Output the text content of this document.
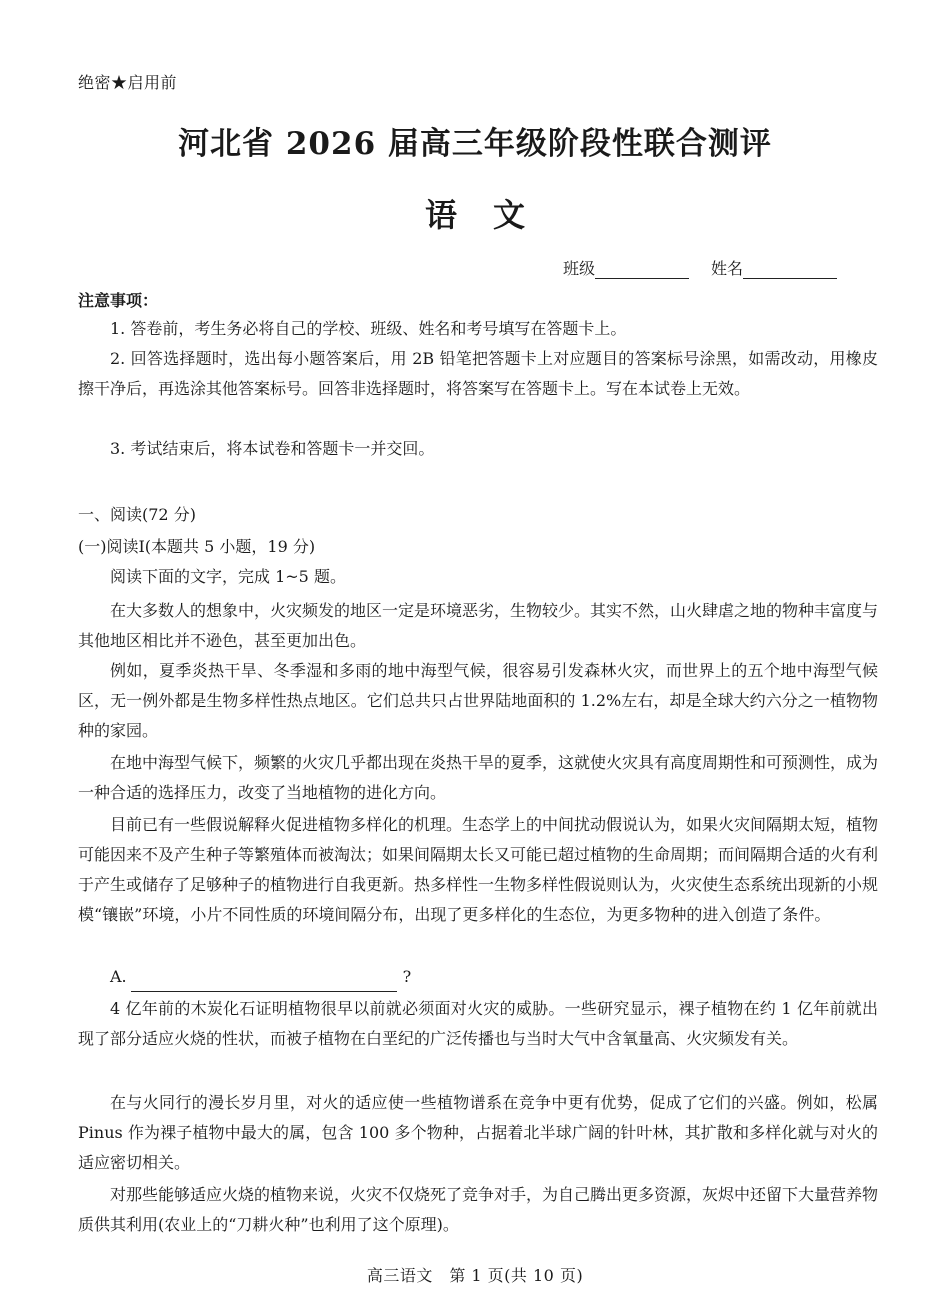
绝密★启用前
河北省 2026 届高三年级阶段性联合测评
语文
班级	姓名
注意事项：
1. 答卷前，考生务必将自己的学校、班级、姓名和考号填写在答题卡上。
2. 回答选择题时，选出每小题答案后，用 2B 铅笔把答题卡上对应题目的答案标号涂黑，如需改动，用橡皮擦干净后，再选涂其他答案标号。回答非选择题时，将答案写在答题卡上。写在本试卷上无效。
3. 考试结束后，将本试卷和答题卡一并交回。
一、阅读(72 分)
(一)阅读Ⅰ(本题共 5 小题，19 分)
阅读下面的文字，完成 1~5 题。
在大多数人的想象中，火灾频发的地区一定是环境恶劣，生物较少。其实不然，山火肆虐之地的物种丰富度与其他地区相比并不逊色，甚至更加出色。
例如，夏季炎热干旱、冬季湿和多雨的地中海型气候，很容易引发森林火灾，而世界上的五个地中海型气候区，无一例外都是生物多样性热点地区。它们总共只占世界陆地面积的 1.2%左右，却是全球大约六分之一植物物种的家园。
在地中海型气候下，频繁的火灾几乎都出现在炎热干旱的夏季，这就使火灾具有高度周期性和可预测性，成为一种合适的选择压力，改变了当地植物的进化方向。
目前已有一些假说解释火促进植物多样化的机理。生态学上的中间扰动假说认为，如果火灾间隔期太短，植物可能因来不及产生种子等繁殖体而被淘汰；如果间隔期太长又可能已超过植物的生命周期；而间隔期合适的火有利于产生或储存了足够种子的植物进行自我更新。热多样性一生物多样性假说则认为，火灾使生态系统出现新的小规模“镶嵌”环境，小片不同性质的环境间隔分布，出现了更多样化的生态位，为更多物种的进入创造了条件。
A.	?
4 亿年前的木炭化石证明植物很早以前就必须面对火灾的威胁。一些研究显示，裸子植物在约 1 亿年前就出现了部分适应火烧的性状，而被子植物在白垩纪的广泛传播也与当时大气中含氧量高、火灾频发有关。
在与火同行的漫长岁月里，对火的适应使一些植物谱系在竞争中更有优势，促成了它们的兴盛。例如，松属 Pinus 作为裸子植物中最大的属，包含 100 多个物种，占据着北半球广阔的针叶林，其扩散和多样化就与对火的适应密切相关。
对那些能够适应火烧的植物来说，火灾不仅烧死了竞争对手，为自己腾出更多资源，灰烬中还留下大量营养物质供其利用(农业上的“刀耕火种”也利用了这个原理)。
高三语文　第 1 页(共 10 页)
